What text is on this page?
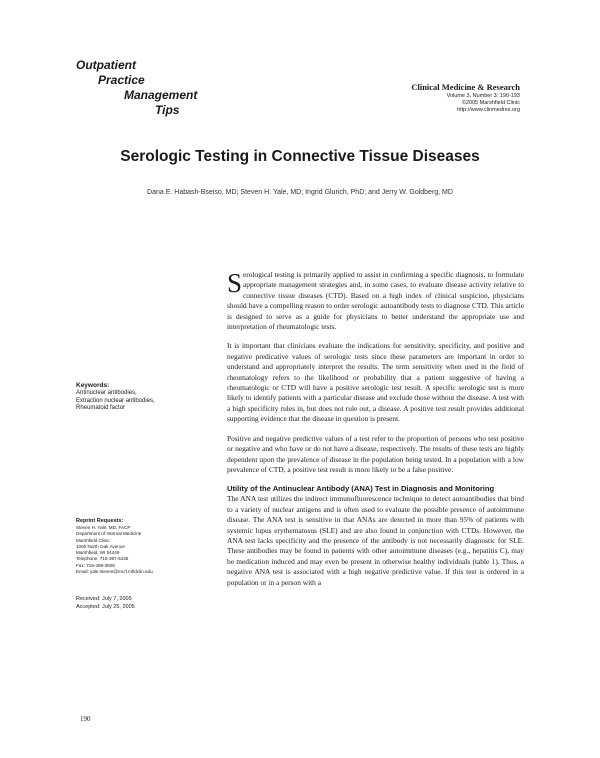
Outpatient
Practice
Management
Tips
Clinical Medicine & Research
Volume 3, Number 3: 190-193
©2005 Marshfield Clinic
http://www.clinmedres.org
Serologic Testing in Connective Tissue Diseases
Dana E. Habash-Bseiso, MD; Steven H. Yale, MD; Ingrid Glurich, PhD; and Jerry W. Goldberg, MD
Keywords:
Antinuclear antibodies,
Extraction nuclear antibodies,
Rheumatoid factor
Reprint Requests:
Steven H. Yale, MD, FACP
Department of Internal Medicine
Marshfield Clinic
1000 North Oak Avenue
Marshfield, WI 54449
Telephone: 715-387-5436
Fax: 715-389-3808
Email: yale.steven@mcrf.mfldclin.edu
Received: July 7, 2005
Accepted: July 25, 2005

Serological testing is primarily applied to assist in confirming a specific diagnosis, to formulate appropriate management strategies and, in some cases, to evaluate disease activity relative to connective tissue diseases (CTD). Based on a high index of clinical suspicion, physicians should have a compelling reason to order serologic autoantibody tests to diagnose CTD. This article is designed to serve as a guide for physicians to better understand the appropriate use and interpretation of rheumatologic tests.

It is important that clinicians evaluate the indications for sensitivity, specificity, and positive and negative predicative values of serologic tests since these parameters are important in order to understand and appropriately interpret the results. The term sensitivity when used in the field of rheumatology refers to the likelihood or probability that a patient suggestive of having a rheumatologic or CTD will have a positive serologic test result. A specific serologic test is more likely to identify patients with a particular disease and exclude those without the disease. A test with a high specificity rules in, but does not rule out, a disease. A positive test result provides additional supporting evidence that the disease in question is present.

Positive and negative predictive values of a test refer to the proportion of persons who test positive or negative and who have or do not have a disease, respectively. The results of these tests are highly dependent upon the prevalence of disease in the population being tested. In a population with a low prevalence of CTD, a positive test result is more likely to be a false positive.

Utility of the Antinuclear Antibody (ANA) Test in Diagnosis and Monitoring

The ANA test utilizes the indirect immunofluorescence technique to detect autoantibodies that bind to a variety of nuclear antigens and is often used to evaluate the possible presence of autoimmune disease. The ANA test is sensitive in that ANAs are detected in more than 95% of patients with systemic lupus erythematosus (SLE) and are also found in conjunction with CTDs. However, the ANA test lacks specificity and the presence of the antibody is not necessarily diagnostic for SLE. These antibodies may be found in patients with other autoimmune diseases (e.g., hepatitis C), may be medication induced and may even be present in otherwise healthy individuals (table 1). Thus, a negative ANA test is associated with a high negative predictive value. If this test is ordered in a population or in a person with a

190
